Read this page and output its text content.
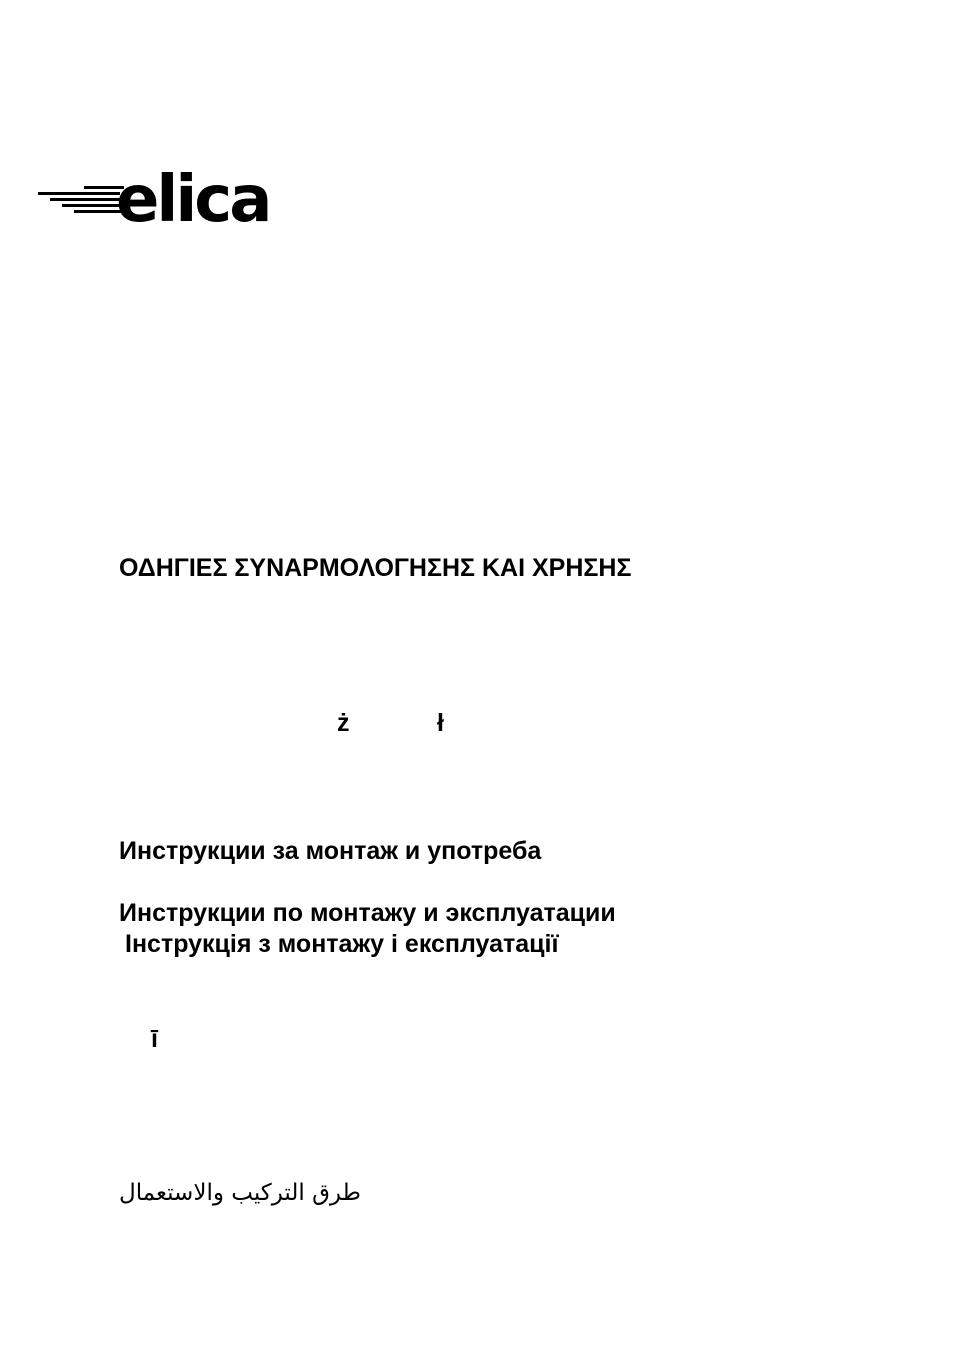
elica
ΟΔΗΓΙΕΣ ΣΥΝΑΡΜΟΛΟΓΗΣΗΣ ΚΑΙ ΧΡΗΣΗΣ
ż	ł
Инструкции за монтаж и употреба
Инструкции по монтажу и эксплуатации
Інструкція з монтажу і експлуатації
ī
طرق التركيب والاستعمال
